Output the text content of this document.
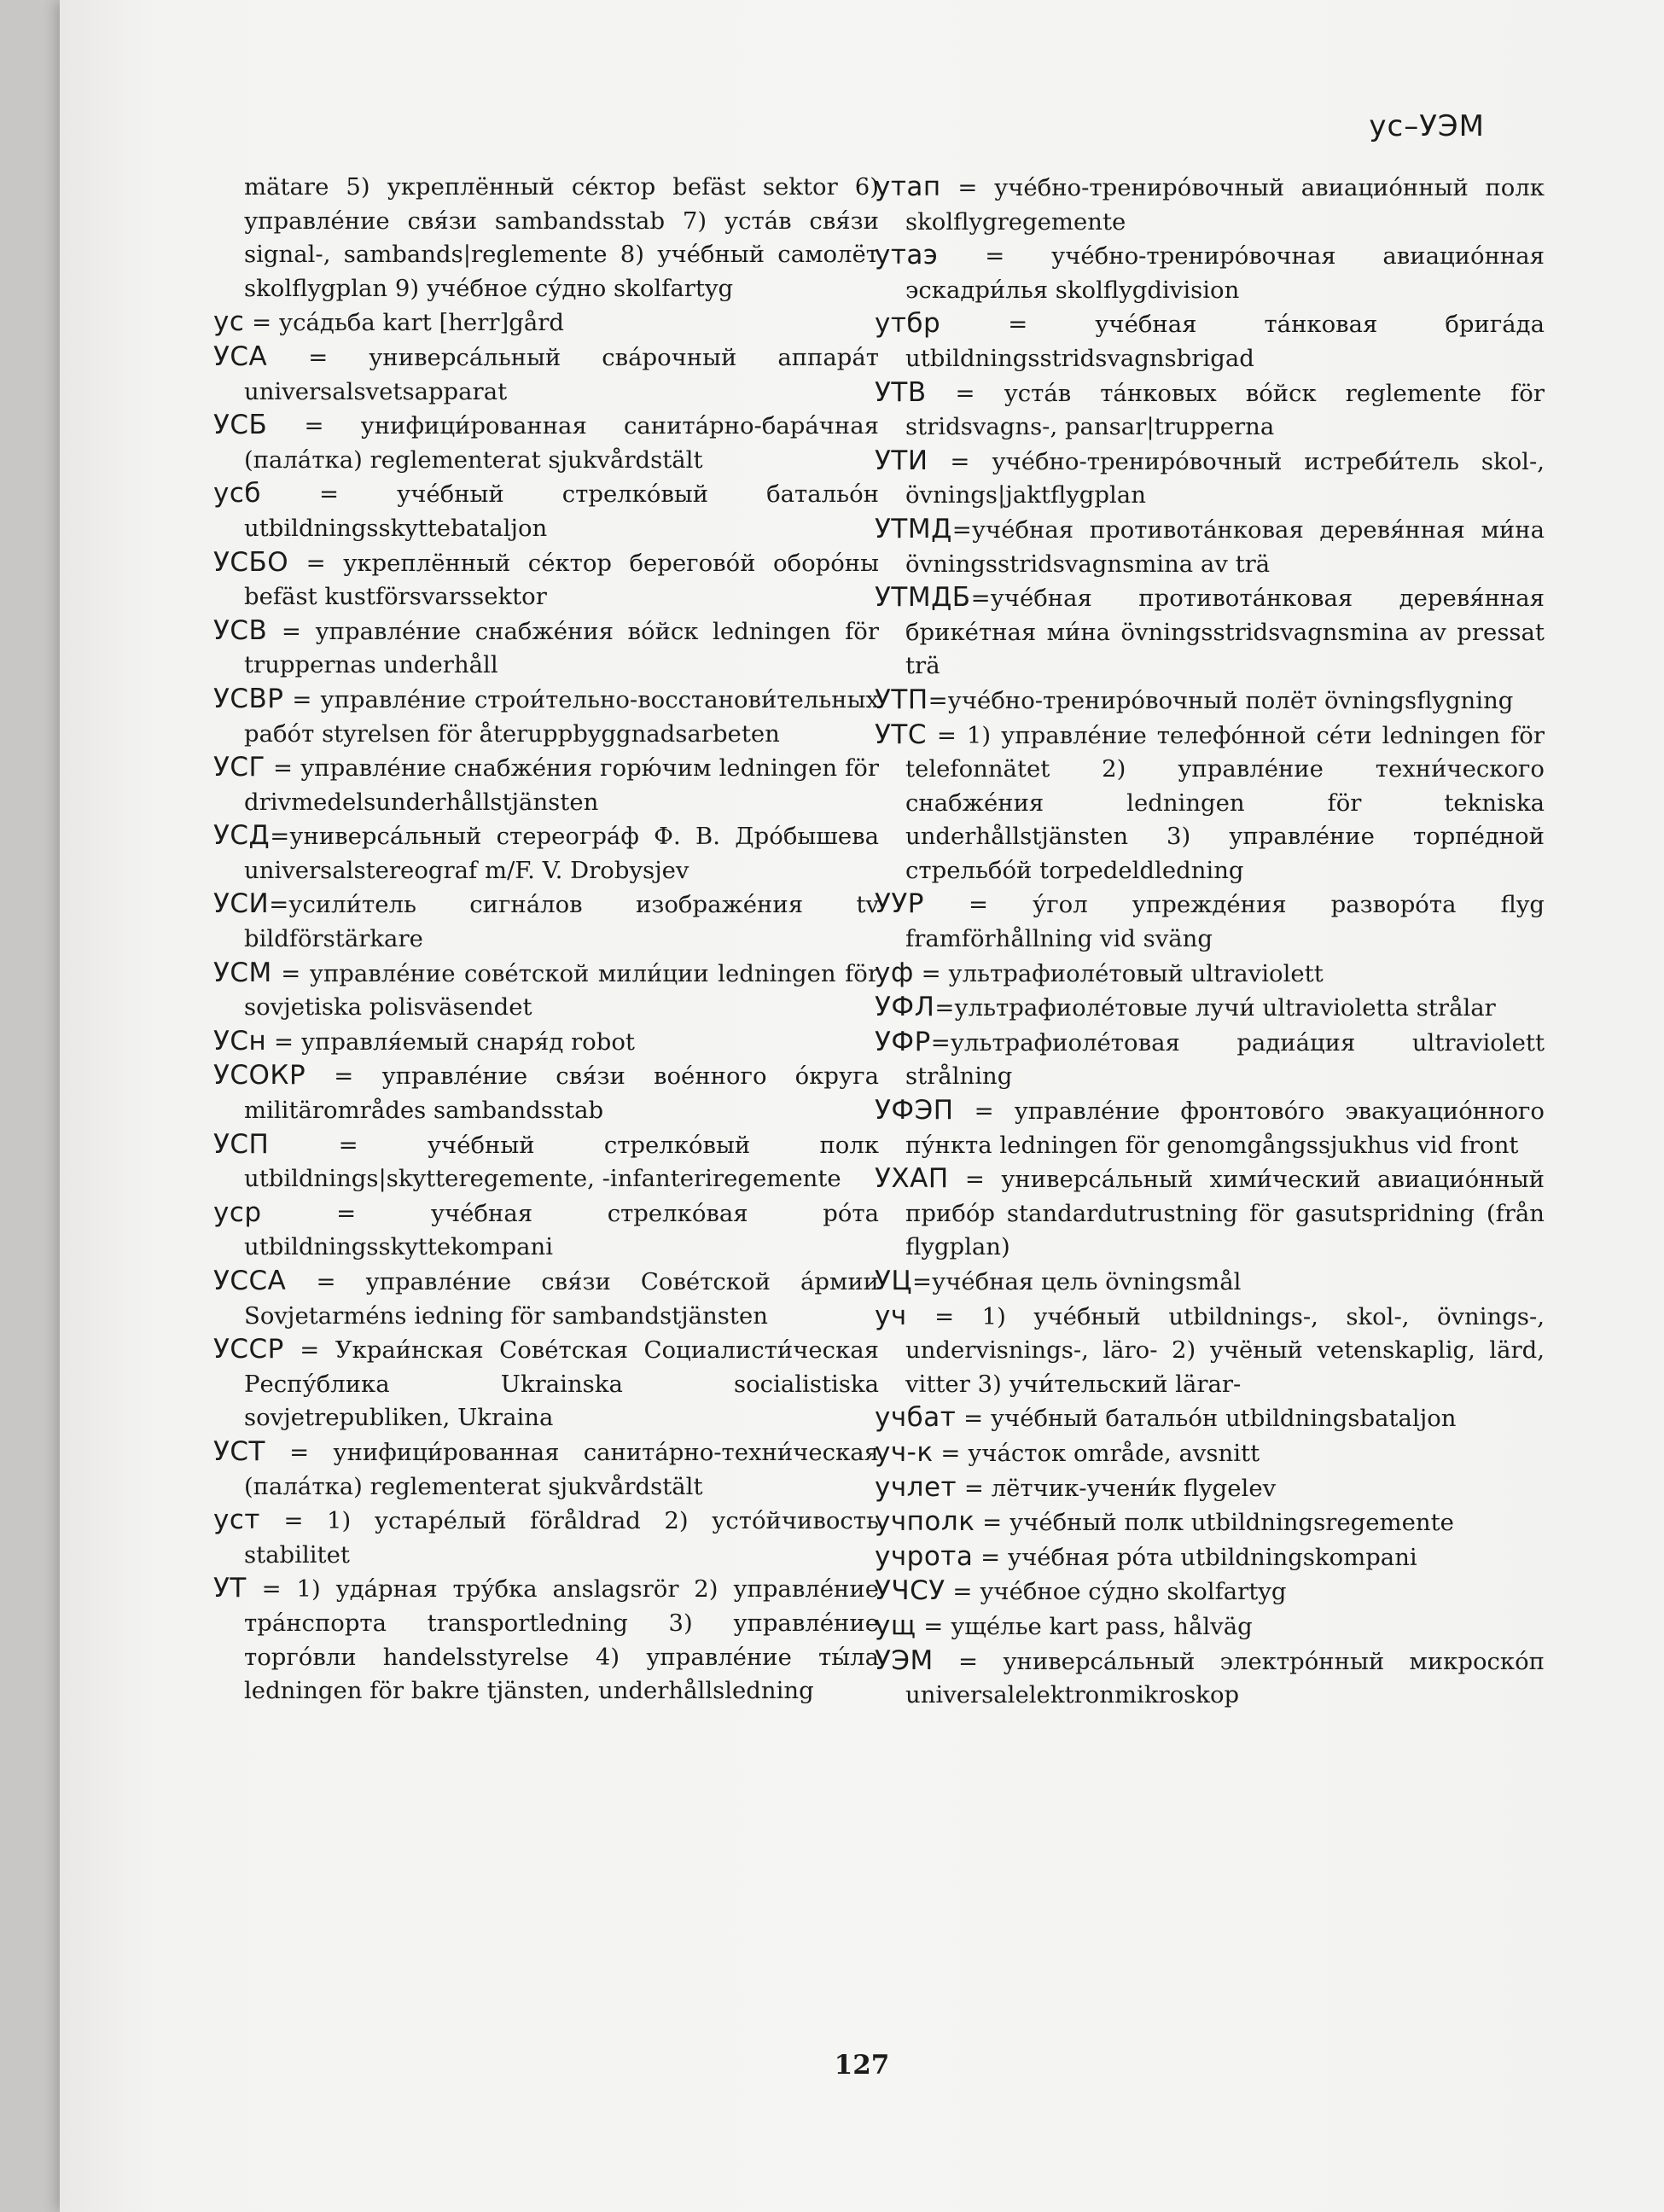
ус–УЭМ

mätare 5) укреплённый се́ктор befäst sektor 6) управле́ние свя́зи sambandsstab 7) уста́в свя́зи signal-, sambands|reglemente 8) уче́бный самолёт skolflygplan 9) уче́бное су́дно skolfartyg

ус = уса́дьба kart [herr]gård

УСА = универса́льный сва́рочный аппара́т universalsvetsapparat

УСБ = унифици́рованная санита́рно-бара́чная (пала́тка) reglementerat sjukvårdstält

усб = уче́бный стрелко́вый батальо́н utbildningsskyttebataljon

УСБО = укреплённый се́ктор берегово́й оборо́ны befäst kustförsvarssektor

УСВ = управле́ние снабже́ния во́йск ledningen för truppernas underhåll

УСВР = управле́ние строи́тельно-восстанови́тельных рабо́т styrelsen för återuppbyggnadsarbeten

УСГ = управле́ние снабже́ния горю́чим ledningen för drivmedelsunderhållstjänsten

УСД=универса́льный стереогра́ф Ф. В. Дро́бышева universalstereograf m/F. V. Drobysjev

УСИ=усили́тель сигна́лов изображе́ния tv bildförstärkare

УСМ = управле́ние сове́тской мили́ции ledningen för sovjetiska polisväsendet

УСн = управля́емый снаря́д robot

УСОКР = управле́ние свя́зи вое́нного о́круга militärområdes sambandsstab

УСП = уче́бный стрелко́вый полк utbildnings|skytteregemente, -infanteriregemente

уср = уче́бная стрелко́вая ро́та utbildningsskyttekompani

УССА = управле́ние свя́зи Сове́тской а́рмии Sovjetarméns iedning för sambandstjänsten

УССР = Украи́нская Сове́тская Социалисти́ческая Респу́блика Ukrainska socialistiska sovjetrepubliken, Ukraina

УСТ = унифици́рованная санита́рно-техни́ческая (пала́тка) reglementerat sjukvårdstält

уст = 1) устаре́лый föråldrad 2) усто́йчивость stabilitet

УТ = 1) уда́рная тру́бка anslagsrör 2) управле́ние тра́нспорта transportledning 3) управле́ние торго́вли handelsstyrelse 4) управле́ние ты́ла ledningen för bakre tjänsten, underhållsledning

утап = уче́бно-трениро́вочный авиацио́нный полк skolflygregemente

утаэ = уче́бно-трениро́вочная авиацио́нная эскадри́лья skolflygdivision

утбр = уче́бная та́нковая брига́да utbildningsstridsvagnsbrigad

УТВ = уста́в та́нковых во́йск reglemente för stridsvagns-, pansar|trupperna

УТИ = уче́бно-трениро́вочный истреби́тель skol-, övnings|jaktflygplan

УТМД=уче́бная противота́нковая деревя́нная ми́на övningsstridsvagnsmina av trä

УТМДБ=уче́бная противота́нковая деревя́нная брике́тная ми́на övningsstridsvagnsmina av pressat trä

УТП=уче́бно-трениро́вочный полёт övningsflygning

УТС = 1) управле́ние телефо́нной се́ти ledningen för telefonnätet 2) управле́ние техни́ческого снабже́ния ledningen för tekniska underhållstjänsten 3) управле́ние торпе́дной стрельбо́й torpedeldledning

УУР = у́гол упрежде́ния разворо́та flyg framförhållning vid sväng

уф = ультрафиолéтовый ultraviolett

УФЛ=ультрафиоле́товые лучи́ ultravioletta strålar

УФР=ультрафиоле́товая радиа́ция ultraviolett strålning

УФЭП = управле́ние фронтово́го эвакуацио́нного пу́нкта ledningen för genomgångssjukhus vid front

УХАП = универса́льный хими́ческий авиацио́нный прибо́р standardutrustning för gasutspridning (från flygplan)

УЦ=уче́бная цель övningsmål

уч = 1) уче́бный utbildnings-, skol-, övnings-, undervisnings-, läro- 2) учёный vetenskaplig, lärd, vitter 3) учи́тельский lärar-

учбат = уче́бный батальо́н utbildningsbataljon

уч-к = уча́сток område, avsnitt

учлет = лётчик-учени́к flygelev

учполк = уче́бный полк utbildningsregemente

учрота = уче́бная ро́та utbildningskompani

УЧСУ = уче́бное су́дно skolfartyg

ущ = уще́лье kart pass, hålväg

УЭМ = универса́льный электро́нный микроско́п universalelektronmikroskop

127
